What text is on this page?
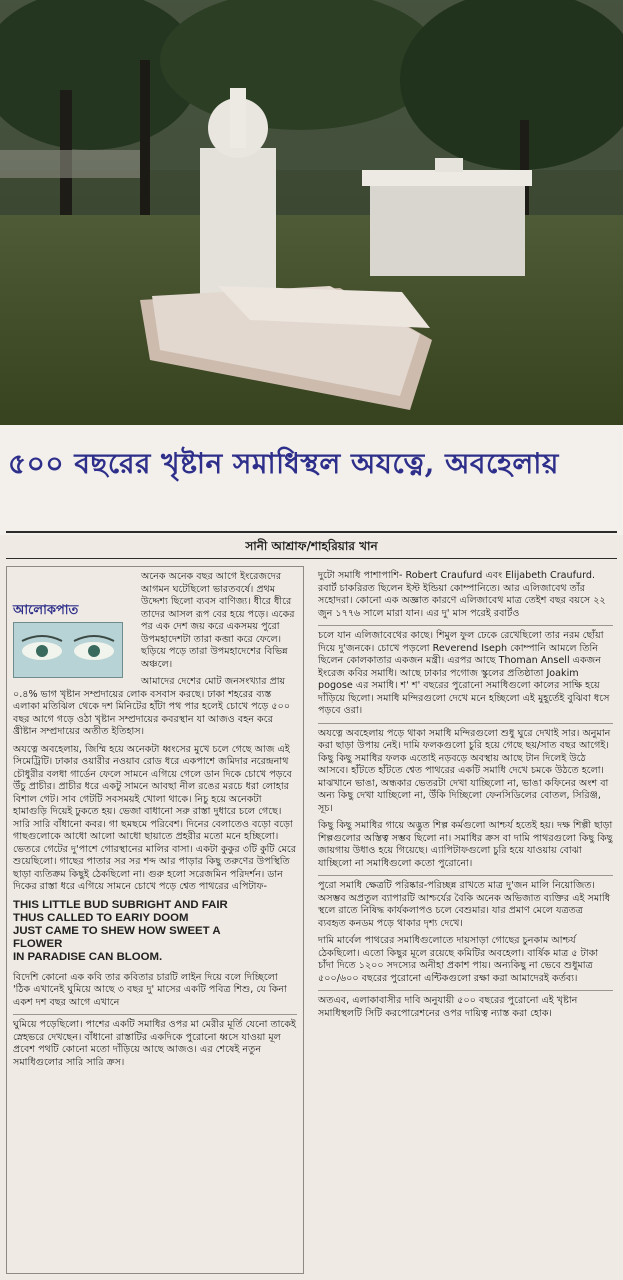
৫০০ বছরের খৃষ্টান সমাধিস্থল অযত্নে, অবহেলায়
সানী আশ্রাফ/শাহরিয়ার খান
আলোকপাত

অনেক অনেক বছর আগে ইংরেজদের আগমন ঘটেছিলো ভারতবর্ষে। প্রথম উদ্দেশ্য ছিলো ব্যবস বাণিজ্য। ধীরে ধীরে তাদের আসল রূপ বের হয়ে পড়ে। একের পর এক দেশ জয় করে একসময় পুরো উপমহাদেশটা তারা কব্জা করে ফেলে। ছড়িয়ে পড়ে তারা উপমহাদেশের বিভিন্ন অঞ্চলে।

আমাদের দেশের মোট জনসংখ্যার প্রায় ০.৪% ভাগ খৃষ্টান সম্প্রদায়ের লোক বসবাস করছে। ঢাকা শহরের ব্যস্ত এলাকা মতিঝিল থেকে দশ মিনিটের হাঁটা পথ পার হলেই চোখে পড়ে ৫০০ বছর আগে গড়ে ওঠা খৃষ্টান সম্প্রদায়ের কবরস্থান যা আজও বহন করে খ্রীষ্টান সম্প্রদায়ের অতীত ইতিহাস।

অযত্নে অবহেলায়, জিম্মি হয়ে অনেকটা ধ্বংসের মুখে চলে গেছে আজ এই সিমেট্রিটি। ঢাকার ওয়ারীর নওয়াব রোড ধরে একপাশে জমিদার নরেন্দ্রনাথ চৌধুরীর বলধা গার্ডেন ফেলে সামনে এগিয়ে গেলে ডান দিকে চোখে পড়বে উঁচু প্রাচীর। প্রাচীর ধরে একটু সামনে আবছা নীল রঙের মরচে ধরা লোহার বিশাল গেট। সাব গেটটি সবসময়ই খোলা থাকে। নিচু হয়ে অনেকটা হামাগুড়ি দিয়েই ঢুকতে হয়। ভেজা বাধানো সরু রাস্তা দুধারে চলে গেছে। সারি সারি বাঁধানো কবর। গা ছমছমে পরিবেশ। দিনের বেলাতেও বড়ো বড়ো গাছগুলোকে আধো আলো আধো ছায়াতে প্রহরীর মতো মনে হচ্ছিলো। ভেতরে গেটের দু'পাশে গোরস্থানের মালির বাসা। একটা কুকুর ৩টি কুটি মেরে শুয়েছিলো। গাছের পাতার সর সর শব্দ আর পাড়ার কিছু তরুণের উপস্থিতি ছাড়া ব্যতিক্রম কিছুই ঠেকছিলো না। গুরু হলো সরেজমিন পরিদর্শন। ডান দিকের রাস্তা ধরে এগিয়ে সামনে চোখে পড়ে শ্বেত পাথরের এপিটাফ-

THIS LITTLE BUD SUBRIGHT AND FAIR
THUS CALLED TO EARIY DOOM
JUST CAME TO SHEW HOW SWEET A
FLOWER
IN PARADISE CAN BLOOM.

বিদেশি কোনো এক কবি তার কবিতার চারটি লাইন দিয়ে বলে দিচ্ছিলো 'ঠিক এখানেই ঘুমিয়ে আছে ৩ বছর দু' মাসের একটি পবিত্র শিশু, যে কিনা একশ দশ বছর আগে এখানে

ঘুমিয়ে পড়েছিলো। পাশের একটি সমাধির ওপর মা মেরীর মূর্তি যেনো তাকেই স্নেহভরে দেখছেন। বাঁধানো রাস্তাটির একদিকে পুরোনো ধ্বসে যাওয়া মূল প্রবেশ পথটি কোনো মতো দাঁড়িয়ে আছে আজও। এর শেষেই নতুন সমাধিগুলোর সারি সারি ক্রস।

দুটো সমাধি পাশাপাশি- Robert Craufurd এবং Elijabeth Craufurd. রবার্ট চাকরিরত ছিলেন ইস্ট ইন্ডিয়া কোম্পানিতে। আর এলিজাবেথ তাঁর সহোদরা। কোনো এক অজ্ঞাত কারণে এলিজাবেথ মাত্র তেইশ বছর বয়সে ২২ জুন ১৭৭৬ সালে মারা যান। এর দু' মাস পরেই রবার্টও

চলে যান এলিজাবেথের কাছে। শিমুল ফুল ঢেকে রেখেছিলো তার নরম ছোঁয়া দিয়ে দু'জনকে। চোখে পড়লো Reverend Iseph কোম্পানি আমলে তিনি ছিলেন কোলকাতার একজন মন্ত্রী। এরপর আছে Thoman Ansell একজন ইংরেজ কবির সমাধি। আছে ঢাকার পগোজ স্কুলের প্রতিষ্ঠাতা Joakim pogose এর সমাধি। শ' শ' বছরের পুরোনো সমাধিগুলো কালের সাক্ষি হয়ে দাঁড়িয়ে ছিলো। সমাধি মন্দিরগুলো দেখে মনে হচ্ছিলো এই মুহূর্তেই বুঝিবা ধসে পড়বে ওরা।

অযত্নে অবহেলায় পড়ে থাকা সমাধি মন্দিরগুলো শুধু ঘুরে দেখাই সার। অনুমান করা ছাড়া উপায় নেই। দামি ফলকগুলো চুরি হয়ে গেছে ছয়/সাত বছর আগেই। কিছু কিছু সমাধির ফলক এতোই নড়বড়ে অবস্থায় আছে টান দিলেই উঠে আসবে। হাঁটতে হাঁটতে শ্বেত পাথরের একটি সমাধি দেখে চমকে উঠতে হলো। মাঝখানে ভাঙা, অন্ধকার ভেতরটা দেখা যাচ্ছিলো না, ভাঙা কফিনের অংশ বা অন্য কিছু দেখা যাচ্ছিলো না, উঁকি দিচ্ছিলো ফেনসিডিলের বোতল, সিরিঞ্জ, সূচ।

কিছু কিছু সমাধির গায়ে অদ্ভুত শিল্প কর্মগুলো আশ্চর্য হতেই হয়। দক্ষ শিল্পী ছাড়া শিল্পগুলোর অস্তিত্ব সম্ভব ছিলো না। সমাধির ক্রস বা দামি পাথরগুলো কিছু কিছু জায়গায় উধাও হয়ে গিয়েছে। এ্যাপিটাফগুলো চুরি হয়ে যাওয়ায় বোঝা যাচ্ছিলো না সমাধিগুলো কতো পুরোনো।

পুরো সমাধি ক্ষেত্রটি পরিষ্কার-পরিচ্ছন্ন রাখতে মাত্র দু'জন মালি নিয়োজিত। অসম্ভব অপ্রতুল ব্যাপারটি আশ্চর্যের বৈকি অনেক অভিজাত ব্যক্তির এই সমাধি স্থলে রাতে নিষিদ্ধ কার্যকলাপও চলে বেশুমার। যার প্রমাণ মেলে যত্রতত্র ব্যবহৃত কনডম পড়ে থাকার দৃশ্য দেখে।

দামি মার্বেল পাথরের সমাধিগুলোতে দায়সাড়া গোছের চুনকাম আশ্চর্য ঠেকছিলো। এতো কিছুর মূলে রয়েছে কমিটির অবহেলা। বার্ষিক মাত্র ৫ টাকা চাঁদা দিতে ১২০০ সদস্যের অনীহা প্রকাশ পায়। অন্যকিছু না ভেবে শুধুমাত্র ৫০০/৬০০ বছরের পুরোনো এন্টিকগুলো রক্ষা করা আমাদেরই কর্তব্য।

অতএব, এলাকাবাসীর দাবি অনুযায়ী ৫০০ বছরের পুরোনো এই খৃষ্টান সমাধিস্থলটি সিটি করপোরেশনের ওপর দায়িত্ব ন্যাস্ত করা হোক।
